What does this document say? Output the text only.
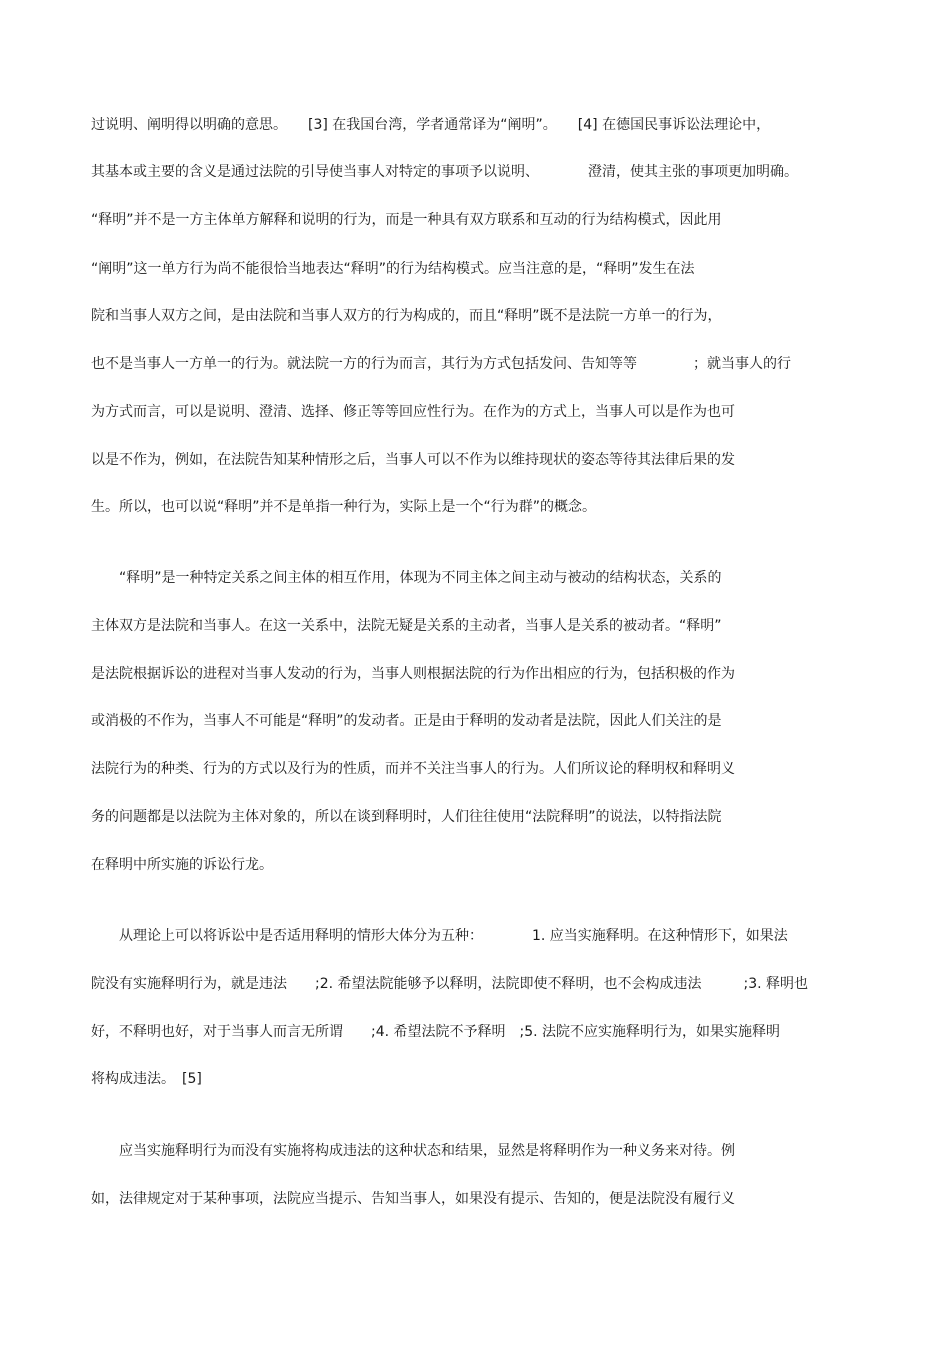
过说明、阐明得以明确的意思。　　[3] 在我国台湾，学者通常译为“阐明”。　　[4] 在德国民事诉讼法理论中，
其基本或主要的含义是通过法院的引导使当事人对特定的事项予以说明、　　　　澄清，使其主张的事项更加明确。
“释明”并不是一方主体单方解释和说明的行为，而是一种具有双方联系和互动的行为结构模式，因此用
“阐明”这一单方行为尚不能很恰当地表达“释明”的行为结构模式。应当注意的是，“释明”发生在法
院和当事人双方之间，是由法院和当事人双方的行为构成的，而且“释明”既不是法院一方单一的行为，
也不是当事人一方单一的行为。就法院一方的行为而言，其行为方式包括发问、告知等等　　　　；就当事人的行
为方式而言，可以是说明、澄清、选择、修正等等回应性行为。在作为的方式上，当事人可以是作为也可
以是不作为，例如，在法院告知某种情形之后，当事人可以不作为以维持现状的姿态等待其法律后果的发
生。所以，也可以说“释明”并不是单指一种行为，实际上是一个“行为群”的概念。
　　“释明”是一种特定关系之间主体的相互作用，体现为不同主体之间主动与被动的结构状态，关系的
主体双方是法院和当事人。在这一关系中，法院无疑是关系的主动者，当事人是关系的被动者。“释明”
是法院根据诉讼的进程对当事人发动的行为，当事人则根据法院的行为作出相应的行为，包括积极的作为
或消极的不作为，当事人不可能是“释明”的发动者。正是由于释明的发动者是法院，因此人们关注的是
法院行为的种类、行为的方式以及行为的性质，而并不关注当事人的行为。人们所议论的释明权和释明义
务的问题都是以法院为主体对象的，所以在谈到释明时，人们往往使用“法院释明”的说法，以特指法院
在释明中所实施的诉讼行龙。
　　从理论上可以将诉讼中是否适用释明的情形大体分为五种：　　　　1. 应当实施释明。在这种情形下，如果法
院没有实施释明行为，就是违法　　;2. 希望法院能够予以释明，法院即使不释明，也不会构成违法　　　;3. 释明也
好，不释明也好，对于当事人而言无所谓　　;4. 希望法院不予释明　;5. 法院不应实施释明行为，如果实施释明
将构成违法。　[5]
　　应当实施释明行为而没有实施将构成违法的这种状态和结果，显然是将释明作为一种义务来对待。例
如，法律规定对于某种事项，法院应当提示、告知当事人，如果没有提示、告知的，便是法院没有履行义
